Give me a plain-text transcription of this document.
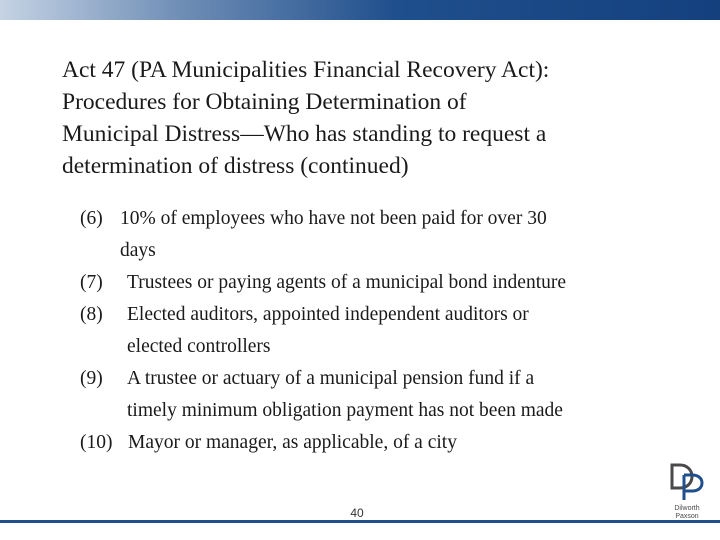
Act 47 (PA Municipalities Financial Recovery Act):
Procedures for Obtaining Determination of
Municipal Distress—Who has standing to request a
determination of distress (continued)
(6) 10% of employees who have not been paid for over 30
days
(7)	Trustees or paying agents of a municipal bond indenture
(8)	Elected auditors, appointed independent auditors or
elected controllers
(9)	A trustee or actuary of a municipal pension fund if a
timely minimum obligation payment has not been made
(10) Mayor or manager, as applicable, of a city
40	Dilworth
Paxson
